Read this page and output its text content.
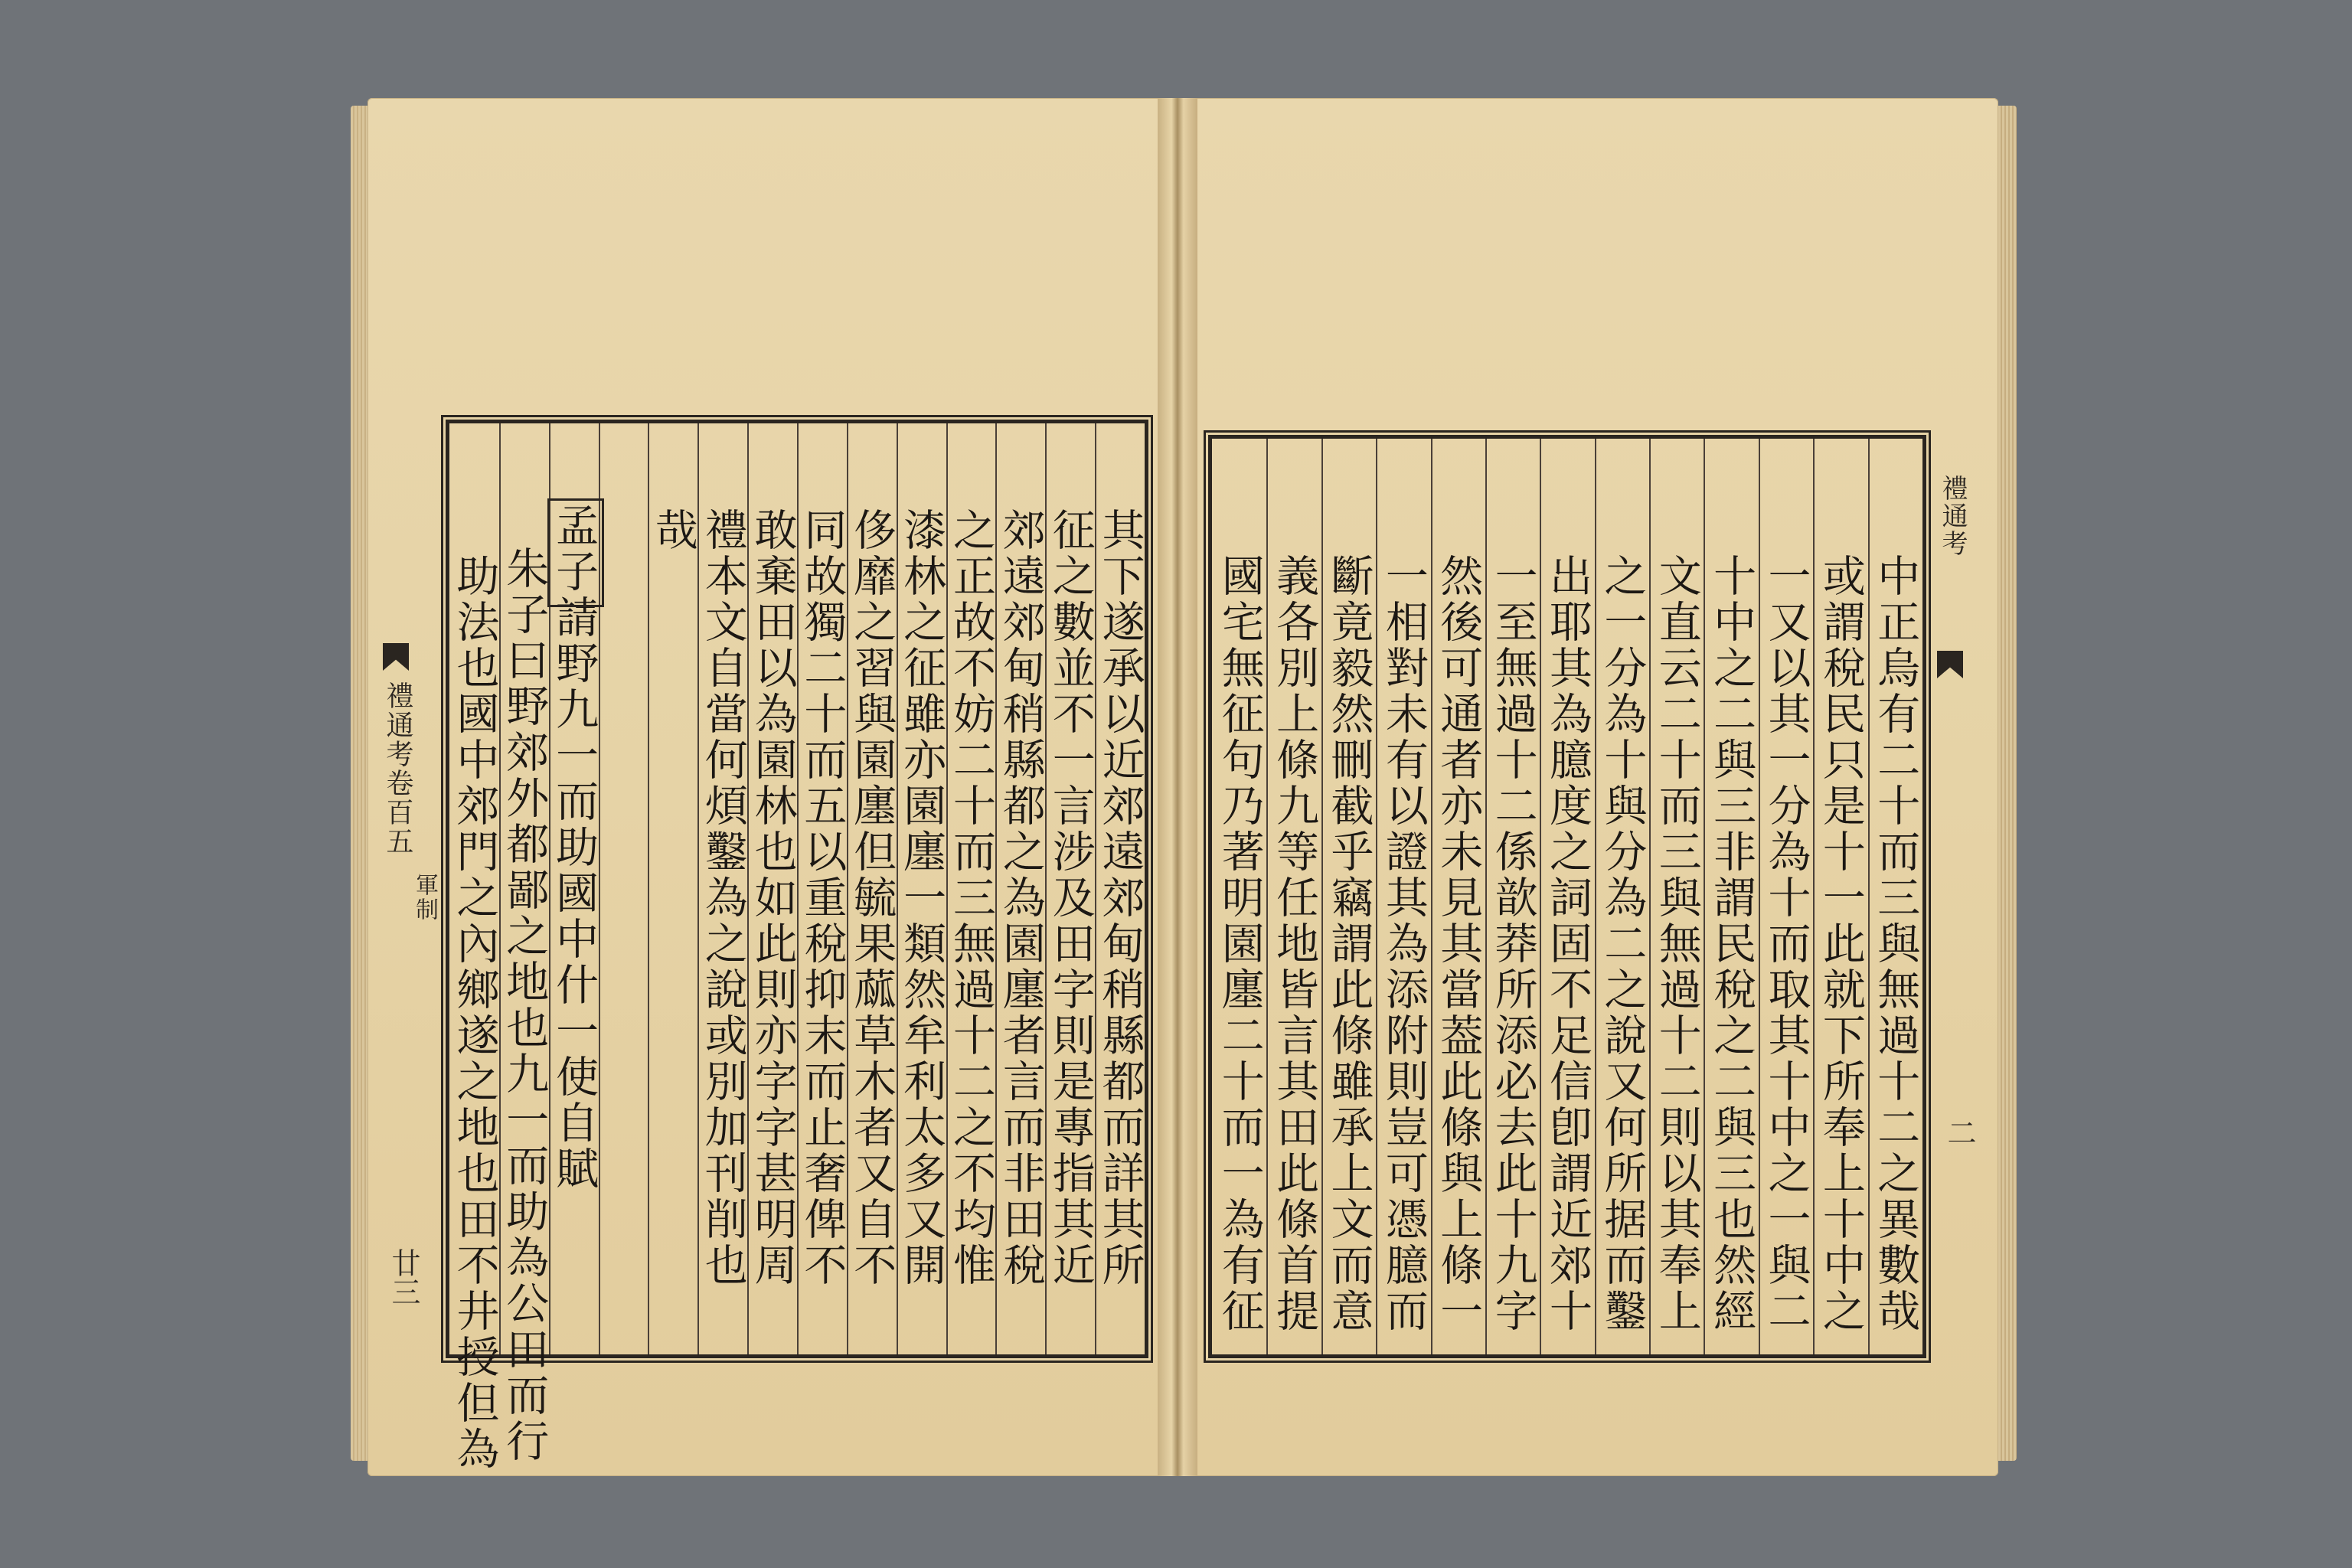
其下遂承以近郊遠郊甸稍縣都而詳其所
征之數並不一言涉及田字則是專指其近
郊遠郊甸稍縣都之為園廛者言而非田稅
之正故不妨二十而三無過十二之不均惟
漆林之征雖亦園廛一類然牟利太多又開
侈靡之習與園廛但毓果蓏草木者又自不
同故獨二十而五以重稅抑末而止奢俾不
敢棄田以為園林也如此則亦字字甚明周
禮本文自當何煩鑿為之說或別加刊削也
哉
孟子請野九一而助國中什一使自賦
朱子曰野郊外都鄙之地也九一而助為公田而行
助法也國中郊門之內鄉遂之地也田不井授但為
禮通考卷百五
軍制
廿三
禮通考
二
中正烏有二十而三與無過十二之異數哉
或謂稅民只是十一此就下所奉上十中之
一又以其一分為十而取其十中之一與二
十中之二與三非謂民稅之二與三也然經
文直云二十而三與無過十二則以其奉上
之一分為十與分為二之說又何所据而鑿
出耶其為臆度之詞固不足信卽謂近郊十
一至無過十二係歆莽所添必去此十九字
然後可通者亦未見其當葢此條與上條一
一相對未有以證其為添附則豈可憑臆而
斷竟毅然刪截乎竊謂此條雖承上文而意
義各別上條九等任地皆言其田此條首提
國宅無征句乃著明園廛二十而一為有征
